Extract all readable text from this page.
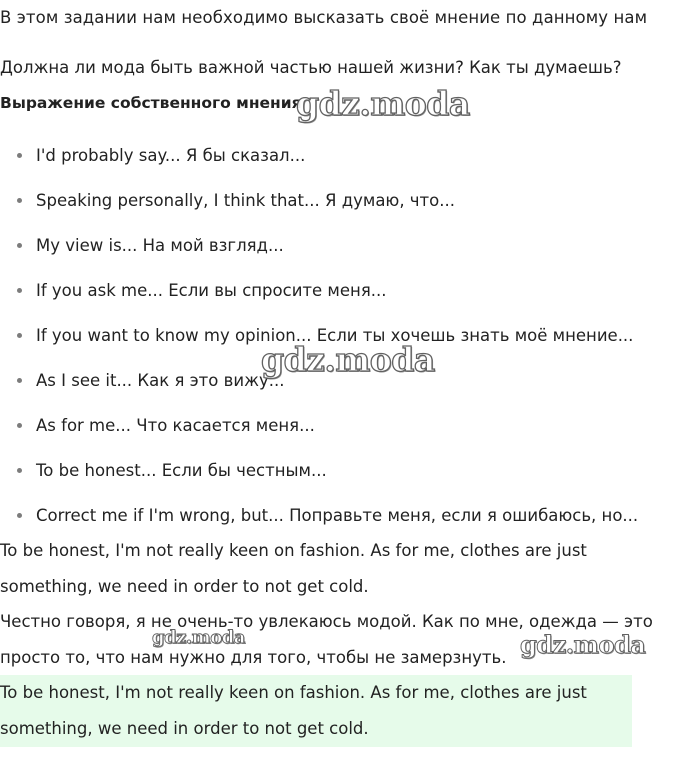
В этом задании нам необходимо высказать своё мнение по данному нам
Должна ли мода быть важной частью нашей жизни? Как ты думаешь?
Выражение собственного мнения
I'd probably say... Я бы сказал...
Speaking personally, I think that... Я думаю, что...
My view is... На мой взгляд...
If you ask me... Если вы спросите меня...
If you want to know my opinion... Если ты хочешь знать моё мнение...
As I see it... Как я это вижу...
As for me... Что касается меня...
To be honest... Если бы честным...
Correct me if I'm wrong, but... Поправьте меня, если я ошибаюсь, но...

To be honest, I'm not really keen on fashion. As for me, clothes are just something, we need in order to not get cold.

Честно говоря, я не очень-то увлекаюсь модой. Как по мне, одежда — это просто то, что нам нужно для того, чтобы не замерзнуть.

To be honest, I'm not really keen on fashion. As for me, clothes are just something, we need in order to not get cold.

gdz.moda
gdz.moda
gdz.moda	gdz.moda
